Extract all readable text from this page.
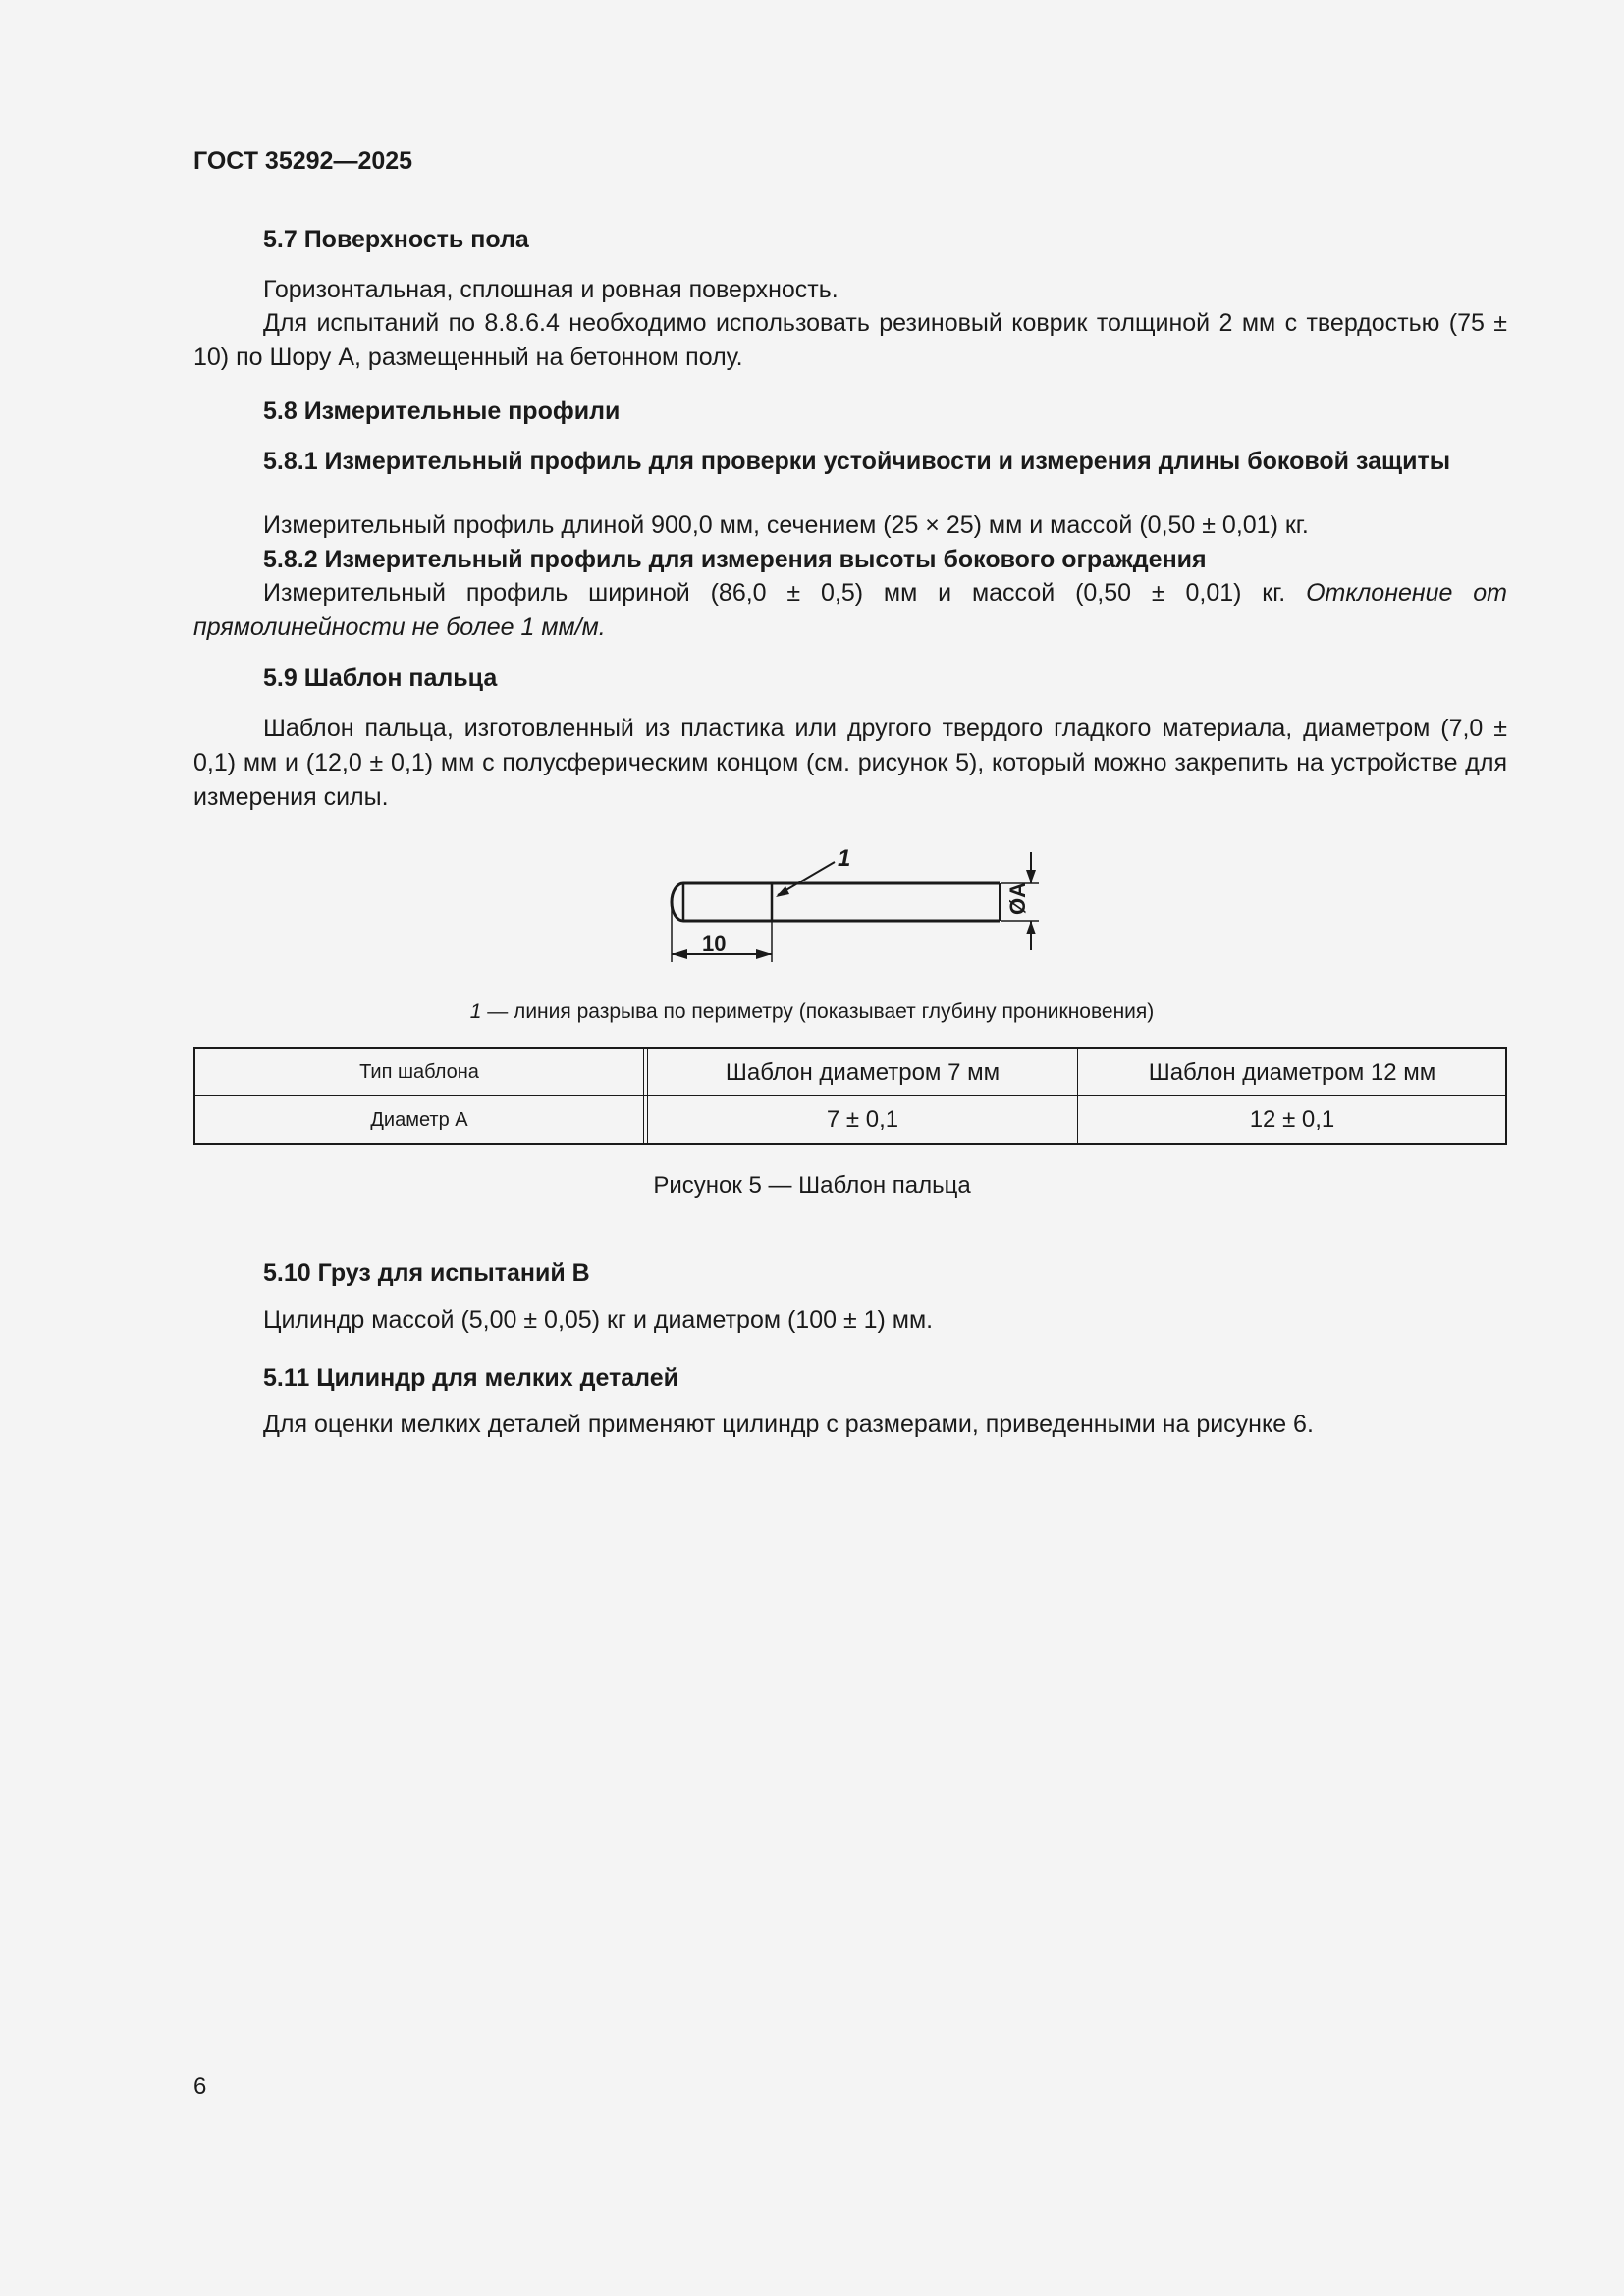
ГОСТ 35292—2025
5.7 Поверхность пола
Горизонтальная, сплошная и ровная поверхность.
Для испытаний по 8.8.6.4 необходимо использовать резиновый коврик толщиной 2 мм с твердостью (75 ± 10) по Шору A, размещенный на бетонном полу.
5.8 Измерительные профили
5.8.1 Измерительный профиль для проверки устойчивости и измерения длины боковой защиты
Измерительный профиль длиной 900,0 мм, сечением (25 × 25) мм и массой (0,50 ± 0,01) кг.
5.8.2 Измерительный профиль для измерения высоты бокового ограждения
Измерительный профиль шириной (86,0 ± 0,5) мм и массой (0,50 ± 0,01) кг. Отклонение от прямолинейности не более 1 мм/м.
5.9 Шаблон пальца
Шаблон пальца, изготовленный из пластика или другого твердого гладкого материала, диаметром (7,0 ± 0,1) мм и (12,0 ± 0,1) мм с полусферическим концом (см. рисунок 5), который можно закрепить на устройстве для измерения силы.
1
10
ØA
1 — линия разрыва по периметру (показывает глубину проникновения)
Тип шаблона	Шаблон диаметром 7 мм	Шаблон диаметром 12 мм
Диаметр A	7 ± 0,1	12 ± 0,1
Рисунок 5 — Шаблон пальца
5.10 Груз для испытаний B
Цилиндр массой (5,00 ± 0,05) кг и диаметром (100 ± 1) мм.
5.11 Цилиндр для мелких деталей
Для оценки мелких деталей применяют цилиндр с размерами, приведенными на рисунке 6.
6
